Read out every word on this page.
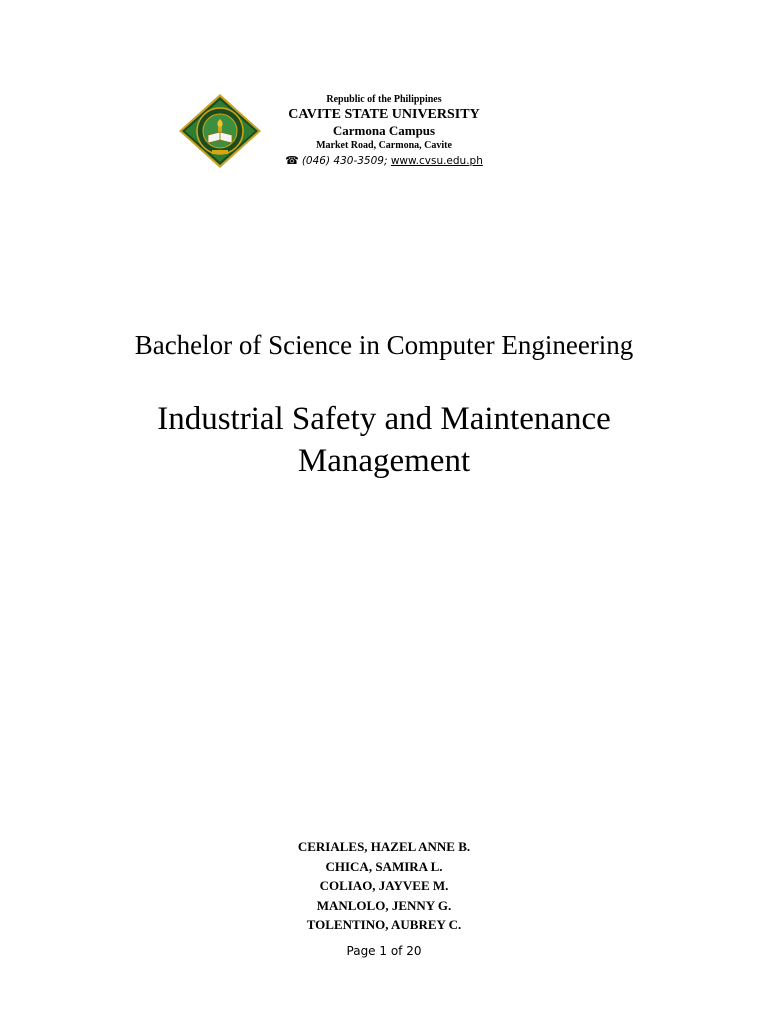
Republic of the Philippines
CAVITE STATE UNIVERSITY
Carmona Campus
Market Road, Carmona, Cavite
☎ (046) 430-3509; www.cvsu.edu.ph
Bachelor of Science in Computer Engineering
Industrial Safety and Maintenance Management
CERIALES, HAZEL ANNE B.
CHICA, SAMIRA L.
COLIAO, JAYVEE M.
MANLOLO, JENNY G.
TOLENTINO, AUBREY C.
Page 1 of 20
